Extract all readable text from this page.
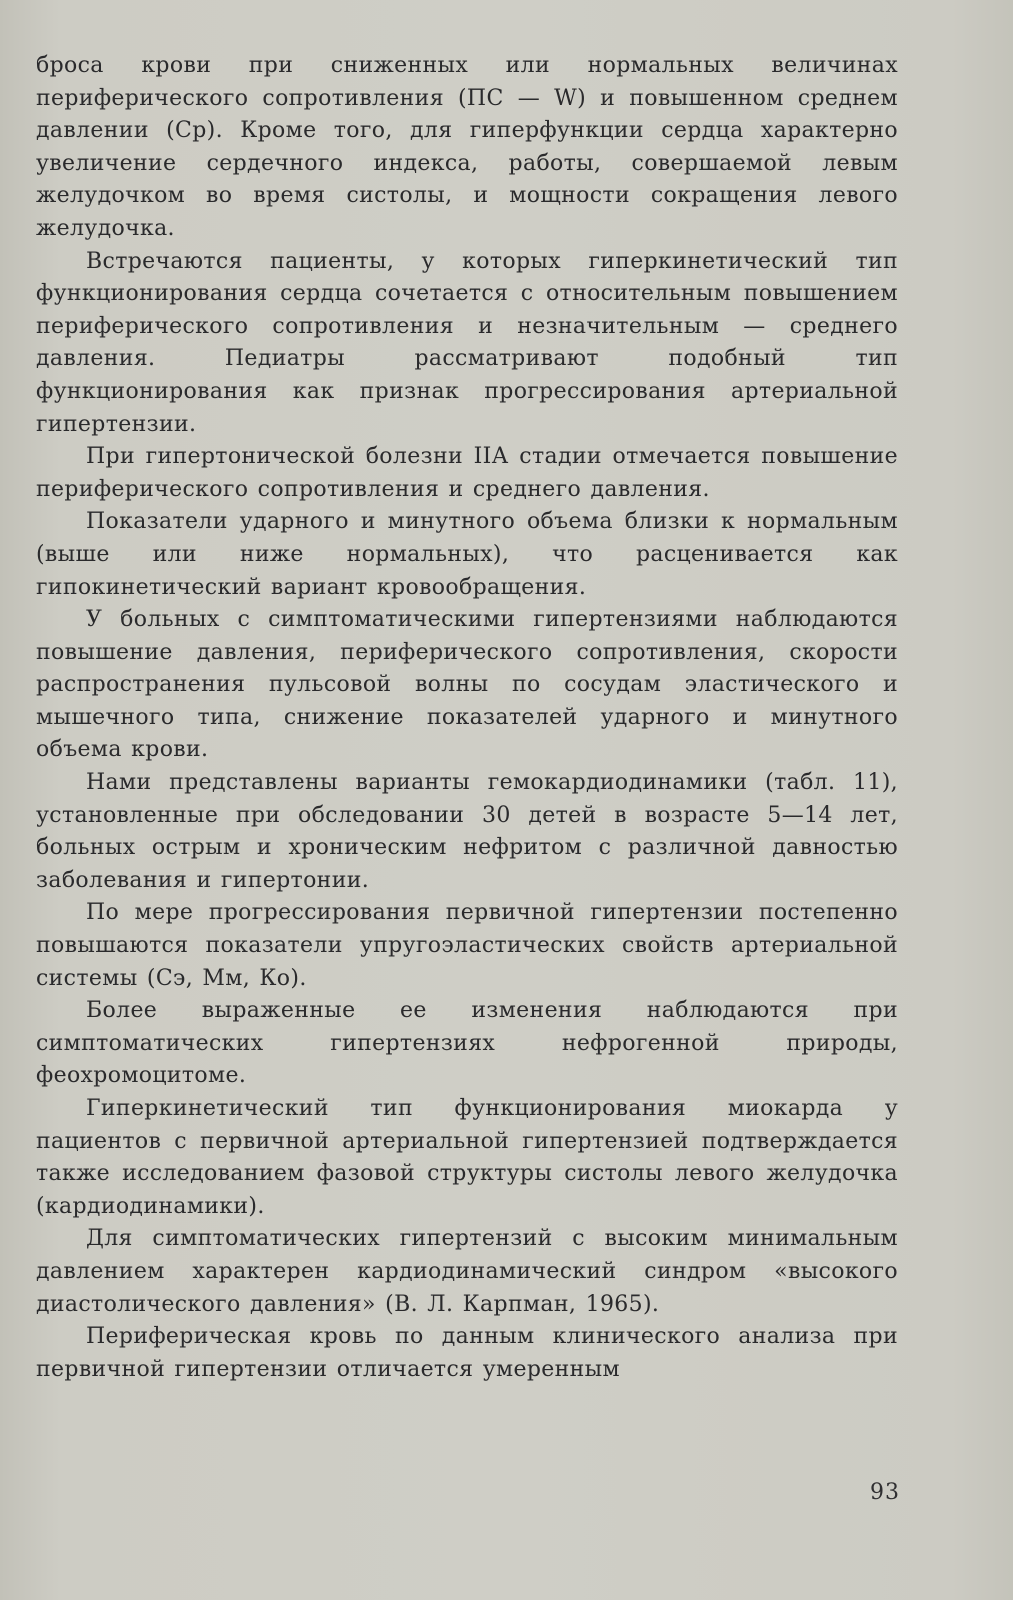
броса крови при сниженных или нормальных величинах периферического сопротивления (ПС — W) и повышенном среднем давлении (Ср). Кроме того, для гиперфункции сердца характерно увеличение сердечного индекса, работы, совершаемой левым желудочком во время систолы, и мощности сокращения левого желудочка.

Встречаются пациенты, у которых гиперкинетический тип функционирования сердца сочетается с относительным повышением периферического сопротивления и незначительным — среднего давления. Педиатры рассматривают подобный тип функционирования как признак прогрессирования артериальной гипертензии.

При гипертонической болезни IIА стадии отмечается повышение периферического сопротивления и среднего давления.

Показатели ударного и минутного объема близки к нормальным (выше или ниже нормальных), что расценивается как гипокинетический вариант кровообращения.

У больных с симптоматическими гипертензиями наблюдаются повышение давления, периферического сопротивления, скорости распространения пульсовой волны по сосудам эластического и мышечного типа, снижение показателей ударного и минутного объема крови.

Нами представлены варианты гемокардиодинамики (табл. 11), установленные при обследовании 30 детей в возрасте 5—14 лет, больных острым и хроническим нефритом с различной давностью заболевания и гипертонии.

По мере прогрессирования первичной гипертензии постепенно повышаются показатели упругоэластических свойств артериальной системы (Сэ, Мм, Ко).

Более выраженные ее изменения наблюдаются при симптоматических гипертензиях нефрогенной природы, феохромоцитоме.

Гиперкинетический тип функционирования миокарда у пациентов с первичной артериальной гипертензией подтверждается также исследованием фазовой структуры систолы левого желудочка (кардиодинамики).

Для симптоматических гипертензий с высоким минимальным давлением характерен кардиодинамический синдром «высокого диастолического давления» (В. Л. Карпман, 1965).

Периферическая кровь по данным клинического анализа при первичной гипертензии отличается умеренным

93
